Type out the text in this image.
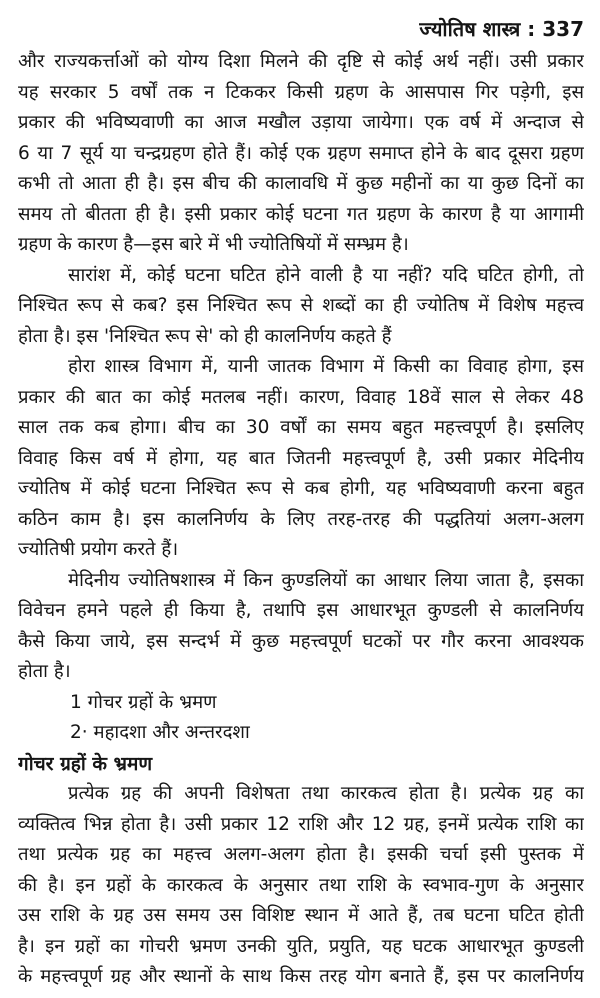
ज्योतिष शास्त्र : 337
और राज्यकर्त्ताओं को योग्य दिशा मिलने की दृष्टि से कोई अर्थ नहीं। उसी प्रकार
यह सरकार 5 वर्षों तक न टिककर किसी ग्रहण के आसपास गिर पड़ेगी, इस
प्रकार की भविष्यवाणी का आज मखौल उड़ाया जायेगा। एक वर्ष में अन्दाज से
6 या 7 सूर्य या चन्द्रग्रहण होते हैं। कोई एक ग्रहण समाप्त होने के बाद दूसरा ग्रहण
कभी तो आता ही है। इस बीच की कालावधि में कुछ महीनों का या कुछ दिनों का
समय तो बीतता ही है। इसी प्रकार कोई घटना गत ग्रहण के कारण है या आगामी
ग्रहण के कारण है—इस बारे में भी ज्योतिषियों में सम्भ्रम है।
सारांश में, कोई घटना घटित होने वाली है या नहीं? यदि घटित होगी, तो
निश्चित रूप से कब? इस निश्चित रूप से शब्दों का ही ज्योतिष में विशेष महत्त्व
होता है। इस 'निश्चित रूप से' को ही कालनिर्णय कहते हैं
होरा शास्त्र विभाग में, यानी जातक विभाग में किसी का विवाह होगा, इस
प्रकार की बात का कोई मतलब नहीं। कारण, विवाह 18वें साल से लेकर 48
साल तक कब होगा। बीच का 30 वर्षों का समय बहुत महत्त्वपूर्ण है। इसलिए
विवाह किस वर्ष में होगा, यह बात जितनी महत्त्वपूर्ण है, उसी प्रकार मेदिनीय
ज्योतिष में कोई घटना निश्चित रूप से कब होगी, यह भविष्यवाणी करना बहुत
कठिन काम है। इस कालनिर्णय के लिए तरह-तरह की पद्धतियां अलग-अलग
ज्योतिषी प्रयोग करते हैं।
मेदिनीय ज्योतिषशास्त्र में किन कुण्डलियों का आधार लिया जाता है, इसका
विवेचन हमने पहले ही किया है, तथापि इस आधारभूत कुण्डली से कालनिर्णय
कैसे किया जाये, इस सन्दर्भ में कुछ महत्त्वपूर्ण घटकों पर गौर करना आवश्यक
होता है।
1 गोचर ग्रहों के भ्रमण
2· महादशा और अन्तरदशा
गोचर ग्रहों के भ्रमण
प्रत्येक ग्रह की अपनी विशेषता तथा कारकत्व होता है। प्रत्येक ग्रह का
व्यक्तित्व भिन्न होता है। उसी प्रकार 12 राशि और 12 ग्रह, इनमें प्रत्येक राशि का
तथा प्रत्येक ग्रह का महत्त्व अलग-अलग होता है। इसकी चर्चा इसी पुस्तक में
की है। इन ग्रहों के कारकत्व के अनुसार तथा राशि के स्वभाव-गुण के अनुसार
उस राशि के ग्रह उस समय उस विशिष्ट स्थान में आते हैं, तब घटना घटित होती
है। इन ग्रहों का गोचरी भ्रमण उनकी युति, प्रयुति, यह घटक आधारभूत कुण्डली
के महत्त्वपूर्ण ग्रह और स्थानों के साथ किस तरह योग बनाते हैं, इस पर कालनिर्णय
